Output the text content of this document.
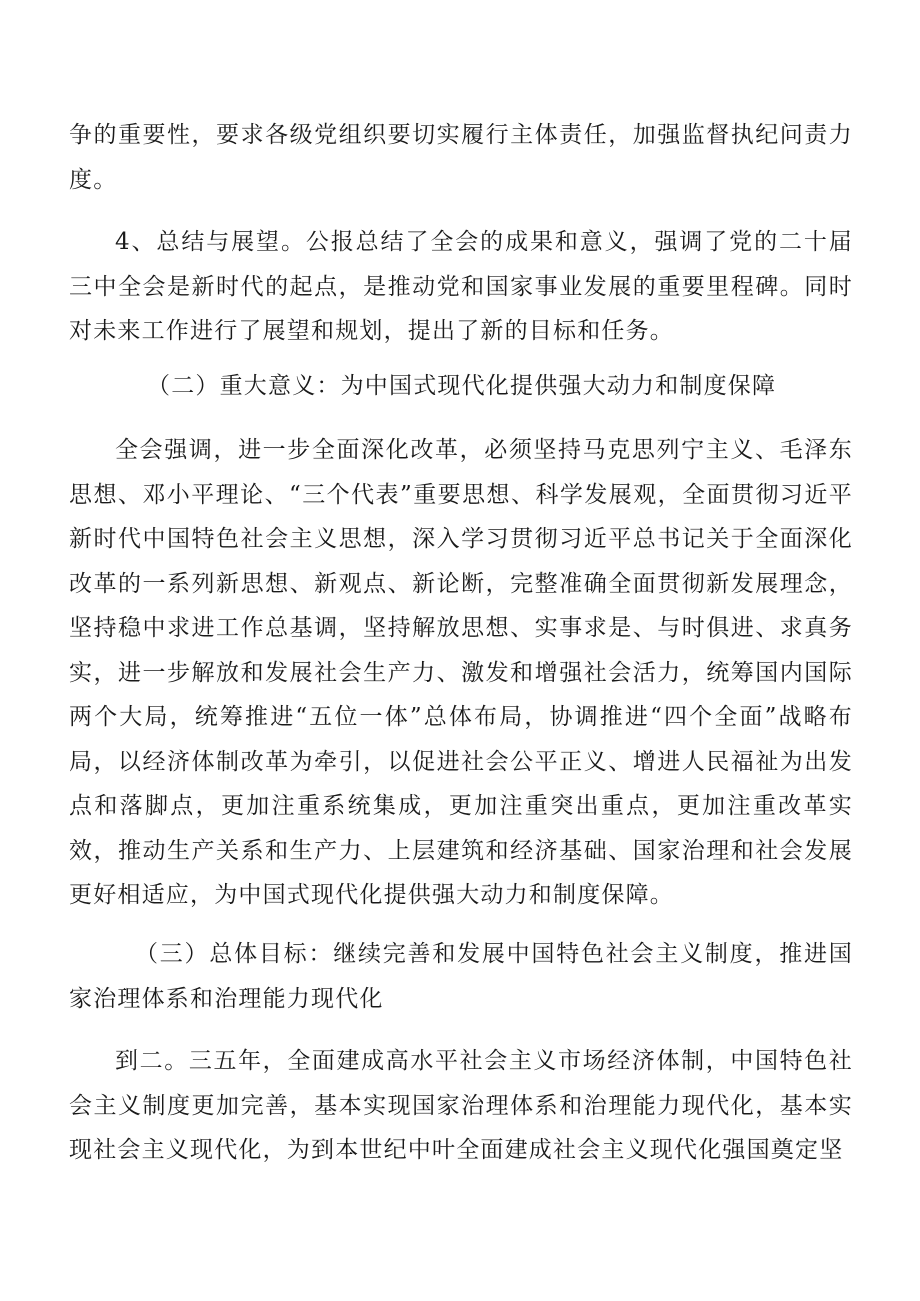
争的重要性，要求各级党组织要切实履行主体责任，加强监督执纪问责力度。

4、总结与展望。公报总结了全会的成果和意义，强调了党的二十届三中全会是新时代的起点，是推动党和国家事业发展的重要里程碑。同时对未来工作进行了展望和规划，提出了新的目标和任务。

（二）重大意义：为中国式现代化提供强大动力和制度保障

全会强调，进一步全面深化改革，必须坚持马克思列宁主义、毛泽东思想、邓小平理论、“三个代表”重要思想、科学发展观，全面贯彻习近平新时代中国特色社会主义思想，深入学习贯彻习近平总书记关于全面深化改革的一系列新思想、新观点、新论断，完整准确全面贯彻新发展理念，坚持稳中求进工作总基调，坚持解放思想、实事求是、与时俱进、求真务实，进一步解放和发展社会生产力、激发和增强社会活力，统筹国内国际两个大局，统筹推进“五位一体”总体布局，协调推进“四个全面”战略布局，以经济体制改革为牵引，以促进社会公平正义、增进人民福祉为出发点和落脚点，更加注重系统集成，更加注重突出重点，更加注重改革实效，推动生产关系和生产力、上层建筑和经济基础、国家治理和社会发展更好相适应，为中国式现代化提供强大动力和制度保障。

（三）总体目标：继续完善和发展中国特色社会主义制度，推进国家治理体系和治理能力现代化

到二。三五年，全面建成高水平社会主义市场经济体制，中国特色社会主义制度更加完善，基本实现国家治理体系和治理能力现代化，基本实现社会主义现代化，为到本世纪中叶全面建成社会主义现代化强国奠定坚
